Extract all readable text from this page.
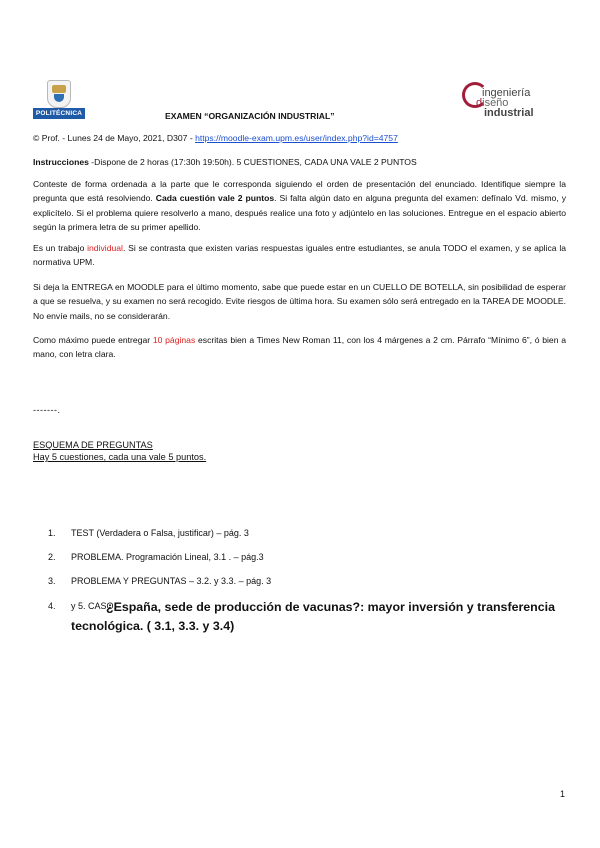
POLITÉCNICA
ingeniería
diseño
industrial
EXAMEN “ORGANIZACIÓN INDUSTRIAL”
© Prof. - Lunes 24 de Mayo, 2021, D307 - https://moodle-exam.upm.es/user/index.php?id=4757
Instrucciones -Dispone de 2 horas (17:30h 19:50h). 5 CUESTIONES, CADA UNA VALE 2 PUNTOS
Conteste de forma ordenada a la parte que le corresponda siguiendo el orden de presentación del enunciado. Identifique siempre la pregunta que está resolviendo. Cada cuestión vale 2 puntos. Si falta algún dato en alguna pregunta del examen: defínalo Vd. mismo, y explicítelo. Si el problema quiere resolverlo a mano, después realice una foto y adjúntelo en las soluciones. Entregue en el espacio abierto según la primera letra de su primer apellido.
Es un trabajo individual. Si se contrasta que existen varias respuestas iguales entre estudiantes, se anula TODO el examen, y se aplica la normativa UPM.
Si deja la ENTREGA en MOODLE para el último momento, sabe que puede estar en un CUELLO DE BOTELLA, sin posibilidad de esperar a que se resuelva, y su examen no será recogido. Evite riesgos de última hora. Su examen sólo será entregado en la TAREA DE MOODLE. No envíe mails, no se considerarán.
Como máximo puede entregar 10 páginas escritas bien a Times New Roman 11, con los 4 márgenes a 2 cm. Párrafo “Mínimo 6”, ó bien a mano, con letra clara.
-------.
ESQUEMA DE PREGUNTAS
Hay 5 cuestiones, cada una vale 5 puntos.
1. TEST (Verdadera o Falsa, justificar) – pág. 3
2. PROBLEMA. Programación Lineal, 3.1 . – pág.3
3. PROBLEMA Y PREGUNTAS – 3.2. y 3.3. – pág. 3
4. y 5. CASO.
¿España, sede de producción de vacunas?: mayor inversión y transferencia tecnológica. ( 3.1, 3.3. y 3.4)
1
